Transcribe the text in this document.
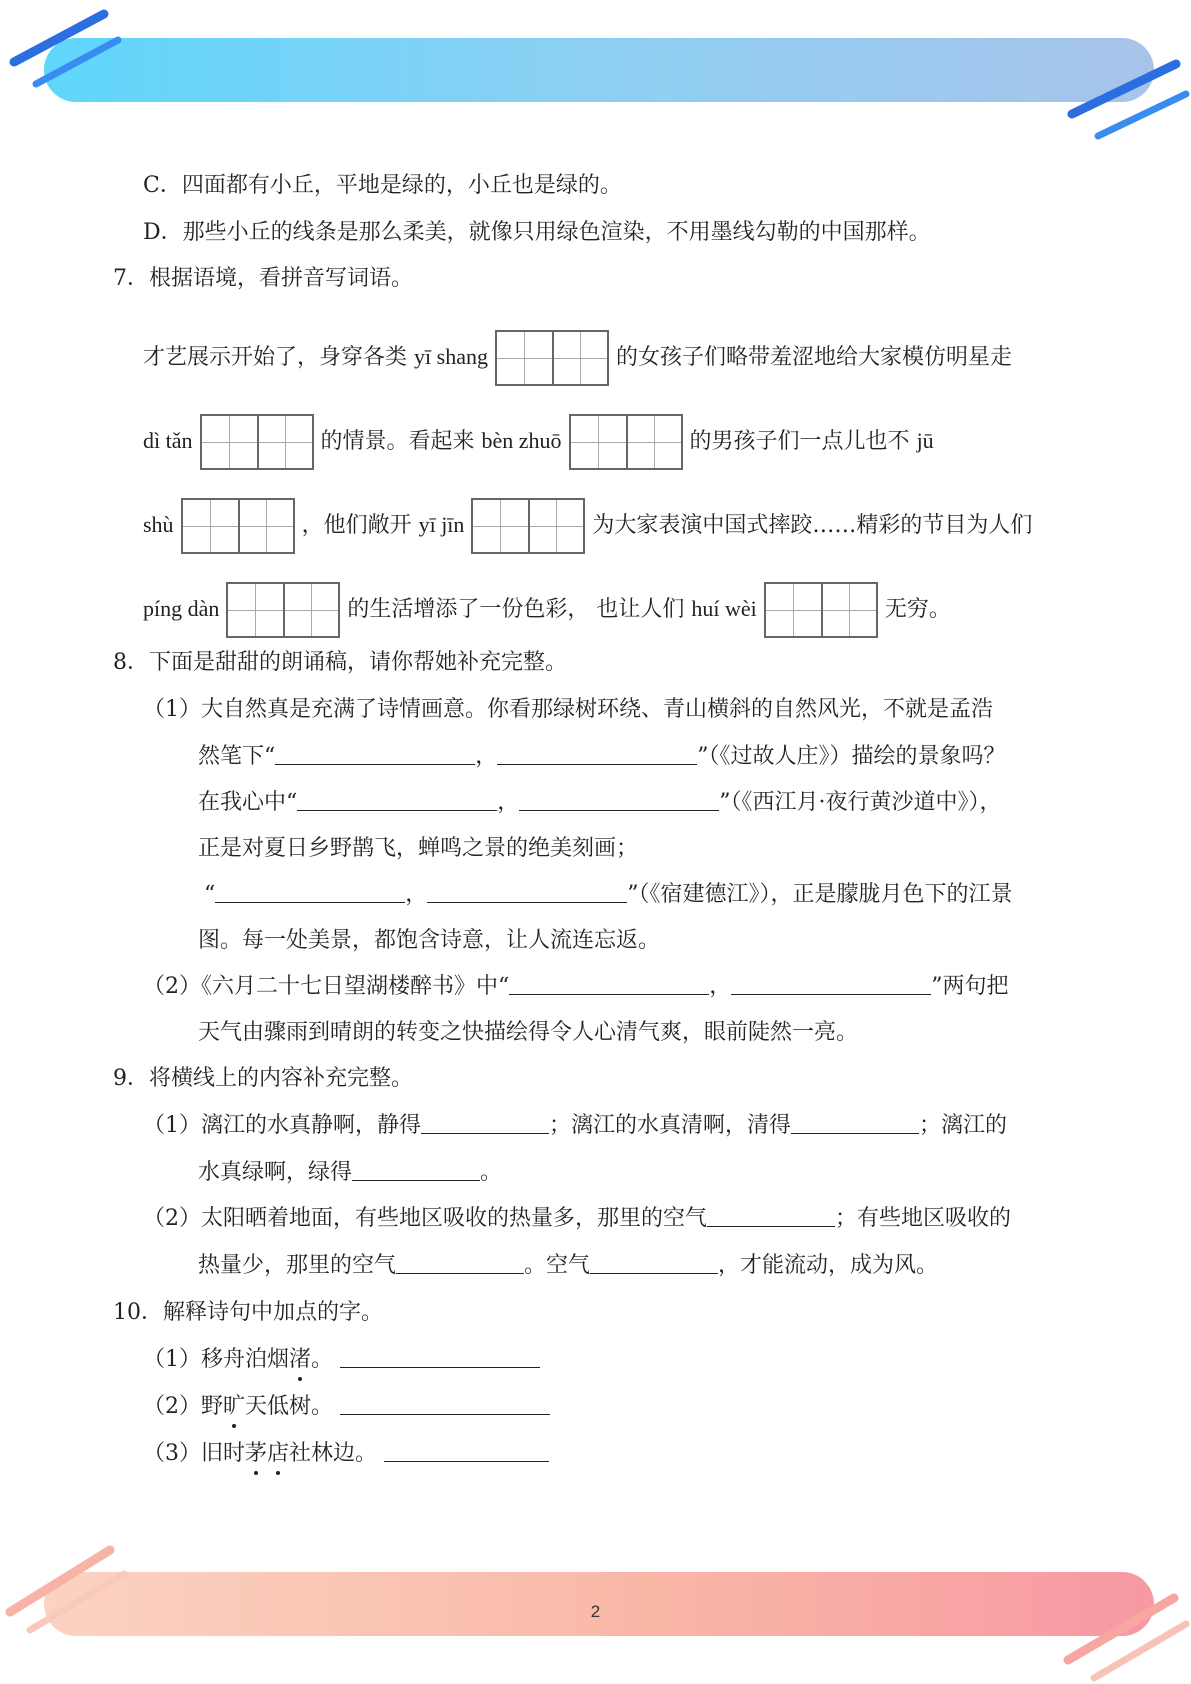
2
C．四面都有小丘，平地是绿的，小丘也是绿的。
D．那些小丘的线条是那么柔美，就像只用绿色渲染，不用墨线勾勒的中国那样。
7．根据语境，看拼音写词语。
才艺展示开始了，身穿各类 yī shang	的女孩子们略带羞涩地给大家模仿明星走
dì tǎn	的情景。看起来 bèn zhuō	的男孩子们一点儿也不 jū
shù	，他们敞开 yī jīn	为大家表演中国式摔跤……精彩的节目为人们
píng dàn	的生活增添了一份色彩， 也让人们 huí wèi	无穷。
8．下面是甜甜的朗诵稿，请你帮她补充完整。
（1）大自然真是充满了诗情画意。你看那绿树环绕、青山横斜的自然风光，不就是孟浩
然笔下“	，	”（《过故人庄》）描绘的景象吗？
在我心中“	，	”（《西江月·夜行黄沙道中》），
正是对夏日乡野鹊飞，蝉鸣之景的绝美刻画；
“	，	”（《宿建德江》），正是朦胧月色下的江景
图。每一处美景，都饱含诗意，让人流连忘返。
（2）《六月二十七日望湖楼醉书》中“	，	”两句把
天气由骤雨到晴朗的转变之快描绘得令人心清气爽，眼前陡然一亮。
9．将横线上的内容补充完整。
（1）漓江的水真静啊，静得	；漓江的水真清啊，清得	；漓江的
水真绿啊，绿得	。
（2）太阳晒着地面，有些地区吸收的热量多，那里的空气	；有些地区吸收的
热量少，那里的空气	。空气	，才能流动，成为风。
10．解释诗句中加点的字。
（1）移舟泊烟渚。
（2）野旷天低树。
（3）旧时茅店社林边。
